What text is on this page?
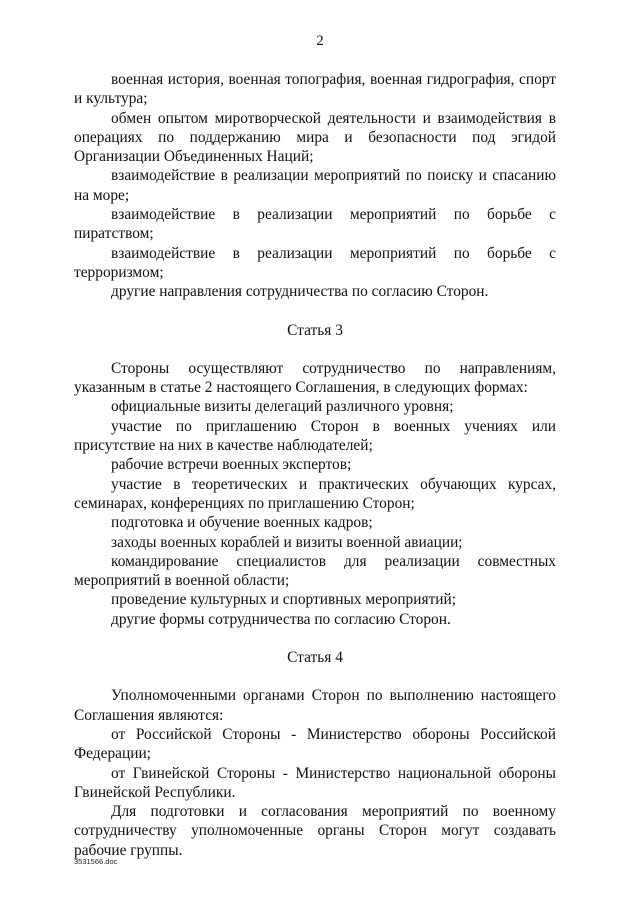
2

военная история, военная топография, военная гидрография, спорт и культура;

обмен опытом миротворческой деятельности и взаимодействия в операциях по поддержанию мира и безопасности под эгидой Организации Объединенных Наций;

взаимодействие в реализации мероприятий по поиску и спасанию на море;

взаимодействие в реализации мероприятий по борьбе с пиратством;

взаимодействие в реализации мероприятий по борьбе с терроризмом;

другие направления сотрудничества по согласию Сторон.

Статья 3

Стороны осуществляют сотрудничество по направлениям, указанным в статье 2 настоящего Соглашения, в следующих формах:

официальные визиты делегаций различного уровня;

участие по приглашению Сторон в военных учениях или присутствие на них в качестве наблюдателей;

рабочие встречи военных экспертов;

участие в теоретических и практических обучающих курсах, семинарах, конференциях по приглашению Сторон;

подготовка и обучение военных кадров;

заходы военных кораблей и визиты военной авиации;

командирование специалистов для реализации совместных мероприятий в военной области;

проведение культурных и спортивных мероприятий;

другие формы сотрудничества по согласию Сторон.

Статья 4

Уполномоченными органами Сторон по выполнению настоящего Соглашения являются:

от Российской Стороны - Министерство обороны Российской Федерации;

от Гвинейской Стороны - Министерство национальной обороны Гвинейской Республики.

Для подготовки и согласования мероприятий по военному сотрудничеству уполномоченные органы Сторон могут создавать рабочие группы.

3531566.doc
